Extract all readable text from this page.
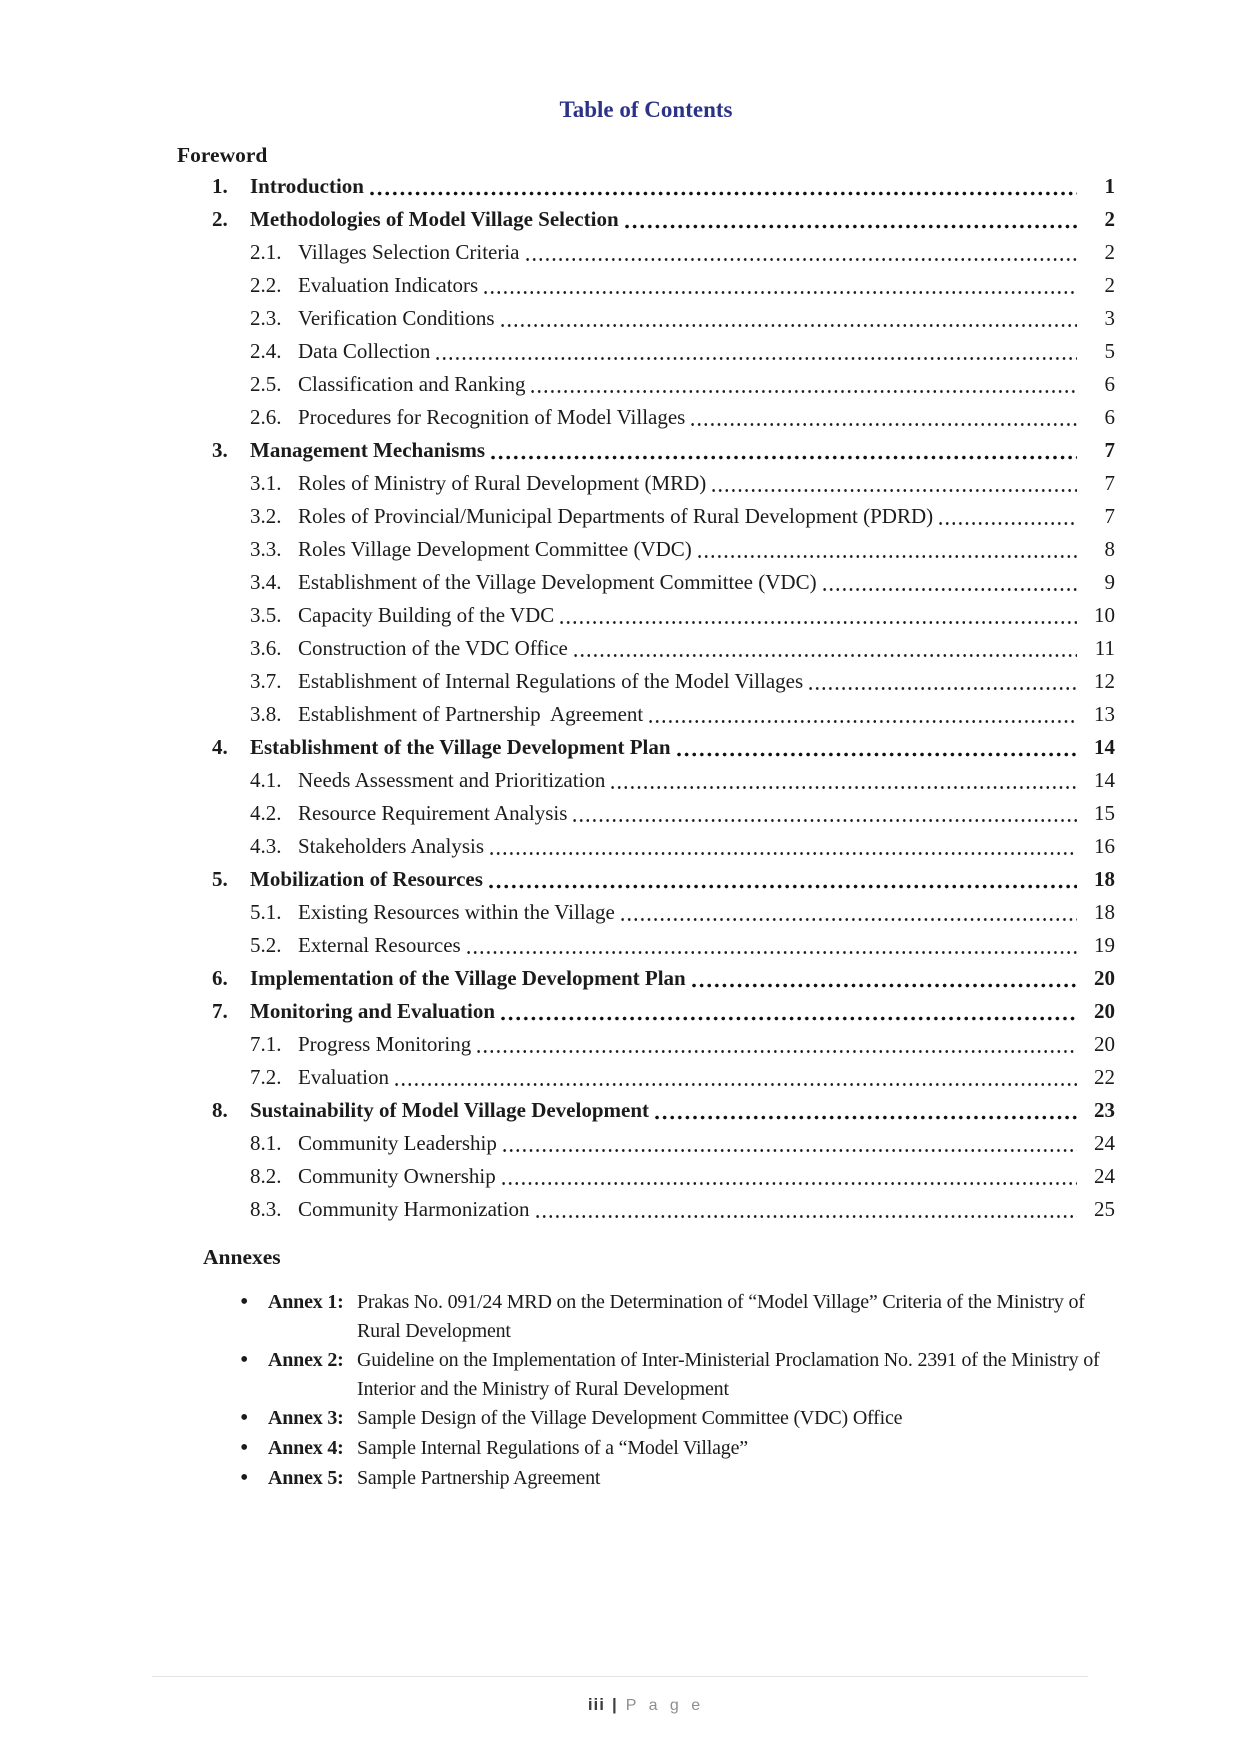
Table of Contents
Foreword
1.	Introduction	1
2.	Methodologies of Model Village Selection	2
2.1. Villages Selection Criteria	2
2.2. Evaluation Indicators	2
2.3. Verification Conditions	3
2.4. Data Collection	5
2.5. Classification and Ranking	6
2.6. Procedures for Recognition of Model Villages	6
3.	Management Mechanisms	7
3.1. Roles of Ministry of Rural Development (MRD)	7
3.2. Roles of Provincial/Municipal Departments of Rural Development (PDRD)	7
3.3. Roles Village Development Committee (VDC)	8
3.4. Establishment of the Village Development Committee (VDC)	9
3.5. Capacity Building of the VDC	10
3.6. Construction of the VDC Office	11
3.7. Establishment of Internal Regulations of the Model Villages	12
3.8. Establishment of Partnership  Agreement	13
4.	Establishment of the Village Development Plan	14
4.1. Needs Assessment and Prioritization	14
4.2. Resource Requirement Analysis	15
4.3. Stakeholders Analysis	16
5.	Mobilization of Resources	18
5.1. Existing Resources within the Village	18
5.2. External Resources	19
6.	Implementation of the Village Development Plan	20
7.	Monitoring and Evaluation	20
7.1. Progress Monitoring	20
7.2. Evaluation	22
8.	Sustainability of Model Village Development	23
8.1. Community Leadership	24
8.2. Community Ownership	24
8.3. Community Harmonization	25
Annexes
•
Annex 1: Prakas No. 091/24 MRD on the Determination of “Model Village” Criteria of the Ministry of Rural Development
•
Annex 2: Guideline on the Implementation of Inter-Ministerial Proclamation No. 2391 of the Ministry of Interior and the Ministry of Rural Development
•
Annex 3: Sample Design of the Village Development Committee (VDC) Office
•
Annex 4: Sample Internal Regulations of a “Model Village”
•
Annex 5: Sample Partnership Agreement
iii | P a g e
